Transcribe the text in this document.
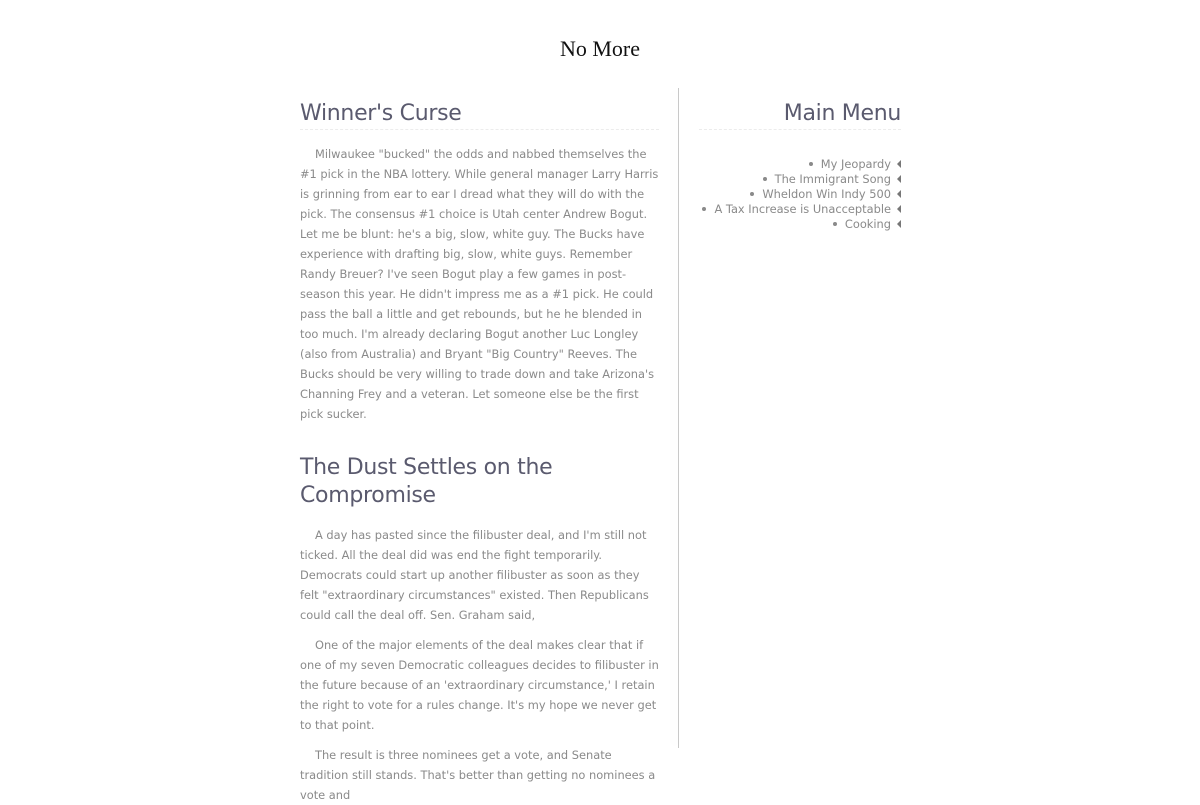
No More
Winner's Curse

Milwaukee "bucked" the odds and nabbed themselves the #1 pick in the NBA lottery. While general manager Larry Harris is grinning from ear to ear I dread what they will do with the pick. The consensus #1 choice is Utah center Andrew Bogut. Let me be blunt: he's a big, slow, white guy. The Bucks have experience with drafting big, slow, white guys. Remember Randy Breuer? I've seen Bogut play a few games in post-season this year. He didn't impress me as a #1 pick. He could pass the ball a little and get rebounds, but he he blended in too much. I'm already declaring Bogut another Luc Longley (also from Australia) and Bryant "Big Country" Reeves. The Bucks should be very willing to trade down and take Arizona's Channing Frey and a veteran. Let someone else be the first pick sucker.

The Dust Settles on the Compromise

A day has pasted since the filibuster deal, and I'm still not ticked. All the deal did was end the fight temporarily. Democrats could start up another filibuster as soon as they felt "extraordinary circumstances" existed. Then Republicans could call the deal off. Sen. Graham said,

One of the major elements of the deal makes clear that if one of my seven Democratic colleagues decides to filibuster in the future because of an 'extraordinary circumstance,' I retain the right to vote for a rules change. It's my hope we never get to that point.

The result is three nominees get a vote, and Senate tradition still stands. That's better than getting no nominees a vote and

Main Menu
My Jeopardy
The Immigrant Song
Wheldon Win Indy 500
A Tax Increase is Unacceptable
Cooking
